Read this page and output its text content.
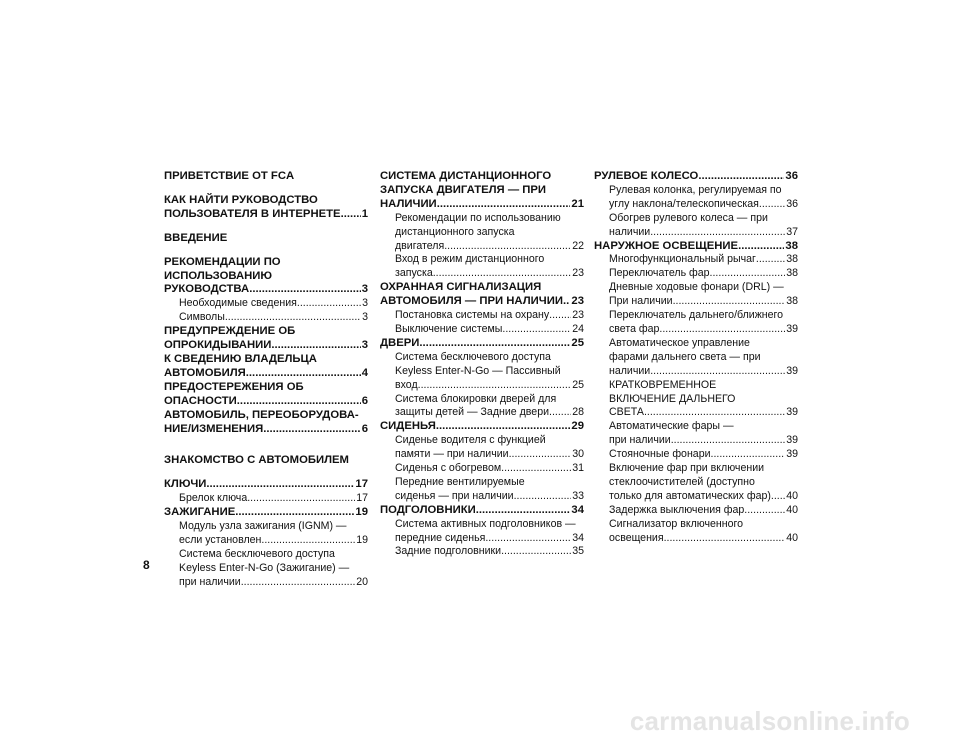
ПРИВЕТСТВИЕ ОТ FCA
КАК НАЙТИ РУКОВОДСТВО
ПОЛЬЗОВАТЕЛЯ В ИНТЕРНЕТЕ ..... 1
ВВЕДЕНИЕ
РЕКОМЕНДАЦИИ ПО
ИСПОЛЬЗОВАНИЮ
РУКОВОДСТВА .....	3
Необходимые сведения .....	3
Символы .....	3
ПРЕДУПРЕЖДЕНИЕ ОБ
ОПРОКИДЫВАНИИ .....	3
К СВЕДЕНИЮ ВЛАДЕЛЬЦА
АВТОМОБИЛЯ .....	4
ПРЕДОСТЕРЕЖЕНИЯ ОБ
ОПАСНОСТИ .....	6
АВТОМОБИЛЬ, ПЕРЕОБОРУДОВА-
НИЕ/ИЗМЕНЕНИЯ .....	6
ЗНАКОМСТВО С АВТОМОБИЛЕМ
КЛЮЧИ .....	17
Брелок ключа .....	17
ЗАЖИГАНИЕ .....	19
Модуль узла зажигания (IGNM) —
если установлен .....	19
Система бесключевого доступа
Keyless Enter-N-Go (Зажигание) —
при наличии .....	20
СИСТЕМА ДИСТАНЦИОННОГО
ЗАПУСКА ДВИГАТЕЛЯ — ПРИ
НАЛИЧИИ .....	21
Рекомендации по использованию
дистанционного запуска
двигателя .....	22
Вход в режим дистанционного
запуска .....	23
ОХРАННАЯ СИГНАЛИЗАЦИЯ
АВТОМОБИЛЯ — ПРИ НАЛИЧИИ ..... 23
Постановка системы на охрану ..... 23
Выключение системы .....	24
ДВЕРИ .....	25
Система бесключевого доступа
Keyless Enter-N-Go — Пассивный
вход .....	25
Система блокировки дверей для
защиты детей — Задние двери ..... 28
СИДЕНЬЯ .....	29
Сиденье водителя с функцией
памяти — при наличии .....	30
Сиденья с обогревом .....	31
Передние вентилируемые
сиденья — при наличии .....	33
ПОДГОЛОВНИКИ .....	34
Система активных подголовников —
передние сиденья .....	34
Задние подголовники .....	35
РУЛЕВОЕ КОЛЕСО .....	36
Рулевая колонка, регулируемая по
углу наклона/телескопическая .....	36
Обогрев рулевого колеса — при
наличии .....	37
НАРУЖНОЕ ОСВЕЩЕНИЕ .....	38
Многофункциональный рычаг .....	38
Переключатель фар .....	38
Дневные ходовые фонари (DRL) —
При наличии .....	38
Переключатель дальнего/ближнего
света фар .....	39
Автоматическое управление
фарами дальнего света — при
наличии .....	39
КРАТКОВРЕМЕННОЕ
ВКЛЮЧЕНИЕ ДАЛЬНЕГО
СВЕТА .....	39
Автоматические фары —
при наличии .....	39
Стояночные фонари .....	39
Включение фар при включении
стеклоочистителей (доступно
только для автоматических фар) ..... 40
Задержка выключения фар .....	40
Сигнализатор включенного
освещения .....	40
8
carmanualsonline.info
